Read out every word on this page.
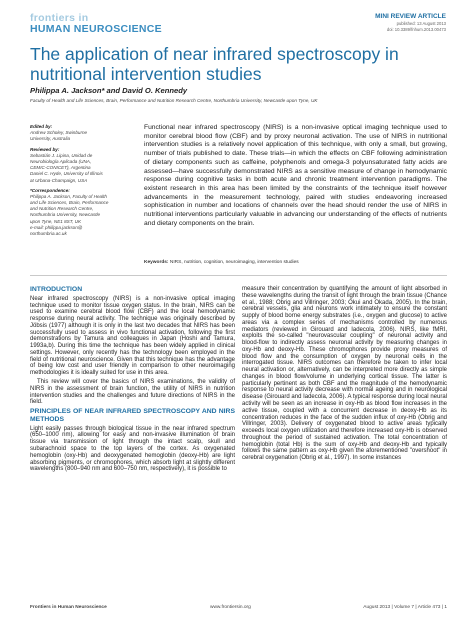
frontiers in
HUMAN NEUROSCIENCE
MINI REVIEW ARTICLE
published: 13 August 2013
doi: 10.3389/fnhum.2013.00473
The application of near infrared spectroscopy in nutritional intervention studies
Philippa A. Jackson* and David O. Kennedy
Faculty of Health and Life Sciences, Brain, Performance and Nutrition Research Centre, Northumbria University, Newcastle upon Tyne, UK
Edited by:
Andrew Scholey, Swinburne
University, Australia
Reviewed by:
Sebastián J. Lipina, Unidad de
Neurobiología Aplicada (UNA,
CEMIC-CONICET), Argentina
Daniel C. Hyde, University of Illinois
at Urbana-Champaign, USA
*Correspondence:
Philippa A. Jackson, Faculty of Health
and Life Sciences, Brain, Performance
and Nutrition Research Centre,
Northumbria University, Newcastle
upon Tyne, NE1 8ST, UK
e-mail: philippa.jackson@
northumbria.ac.uk
Functional near infrared spectroscopy (NIRS) is a non-invasive optical imaging technique used to monitor cerebral blood flow (CBF) and by proxy neuronal activation. The use of NIRS in nutritional intervention studies is a relatively novel application of this technique, with only a small, but growing, number of trials published to date. These trials—in which the effects on CBF following administration of dietary components such as caffeine, polyphenols and omega-3 polyunsaturated fatty acids are assessed—have successfully demonstrated NIRS as a sensitive measure of change in hemodynamic response during cognitive tasks in both acute and chronic treatment intervention paradigms. The existent research in this area has been limited by the constraints of the technique itself however advancements in the measurement technology, paired with studies endeavoring increased sophistication in number and locations of channels over the head should render the use of NIRS in nutritional interventions particularly valuable in advancing our understanding of the effects of nutrients and dietary components on the brain.
Keywords: NIRS, nutrition, cognition, neuroimaging, intervention studies
INTRODUCTION

Near infrared spectroscopy (NIRS) is a non-invasive optical imaging technique used to monitor tissue oxygen status. In the brain, NIRS can be used to examine cerebral blood flow (CBF) and the local hemodynamic response during neural activity. The technique was originally described by Jöbsis (1977) although it is only in the last two decades that NIRS has been successfully used to assess in vivo functional activation, following the first demonstrations by Tamura and colleagues in Japan (Hoshi and Tamura, 1993a,b). During this time the technique has been widely applied in clinical settings. However, only recently has the technology been employed in the field of nutritional neuroscience. Given that this technique has the advantage of being low cost and user friendly in comparison to other neuroimaging methodologies it is ideally suited for use in this area.

This review will cover the basics of NIRS examinations, the validity of NIRS in the assessment of brain function, the utility of NIRS in nutrition intervention studies and the challenges and future directions of NIRS in the field.

PRINCIPLES OF NEAR INFRARED SPECTROSCOPY AND NIRS METHODS

Light easily passes through biological tissue in the near infrared spectrum (650–1000 nm), allowing for easy and non-invasive illumination of brain tissue via transmission of light through the intact scalp, skull and subarachnoid space to the top layers of the cortex. As oxygenated hemoglobin (oxy-Hb) and deoxygenated hemoglobin (deoxy-Hb) are light absorbing pigments, or chromophores, which absorb light at slightly different wavelengths (800–940 nm and 600–750 nm, respectively), it is possible to

measure their concentration by quantifying the amount of light absorbed in these wavelengths during the transit of light through the brain tissue (Chance et al., 1988; Obrig and Villringer, 2003; Okui and Okada, 2005). In the brain, cerebral vessels, glia and neurons work intimately to ensure the constant supply of blood borne energy substrates (i.e., oxygen and glucose) to active areas via a complex series of mechanisms controlled by numerous mediators (reviewed in Girouard and Iadecola, 2006). NIRS, like fMRI, exploits the so-called "neurovascular coupling" of neuronal activity and blood-flow to indirectly assess neuronal activity by measuring changes in oxy-Hb and deoxy-Hb. These chromophores provide proxy measures of blood flow and the consumption of oxygen by neuronal cells in the interrogated tissue. NIRS outcomes can therefore be taken to infer local neural activation or, alternatively, can be interpreted more directly as simple changes in blood flow/volume in underlying cortical tissue. The latter is particularly pertinent as both CBF and the magnitude of the hemodynamic response to neural activity decrease with normal ageing and in neurological disease (Girouard and Iadecola, 2006). A typical response during local neural activity will be seen as an increase in oxy-Hb as blood flow increases in the active tissue, coupled with a concurrent decrease in deoxy-Hb as its concentration reduces in the face of the sudden influx of oxy-Hb (Obrig and Villringer, 2003). Delivery of oxygenated blood to active areas typically exceeds local oxygen utilization and therefore increased oxy-Hb is observed throughout the period of sustained activation. The total concentration of hemoglobin (total Hb) is the sum of oxy-Hb and deoxy-Hb and typically follows the same pattern as oxy-Hb given the aforementioned "overshoot" in cerebral oxygenation (Obrig et al., 1997). In some instances

Frontiers in Human Neuroscience	www.frontiersin.org	August 2013 | Volume 7 | Article 473 | 1
